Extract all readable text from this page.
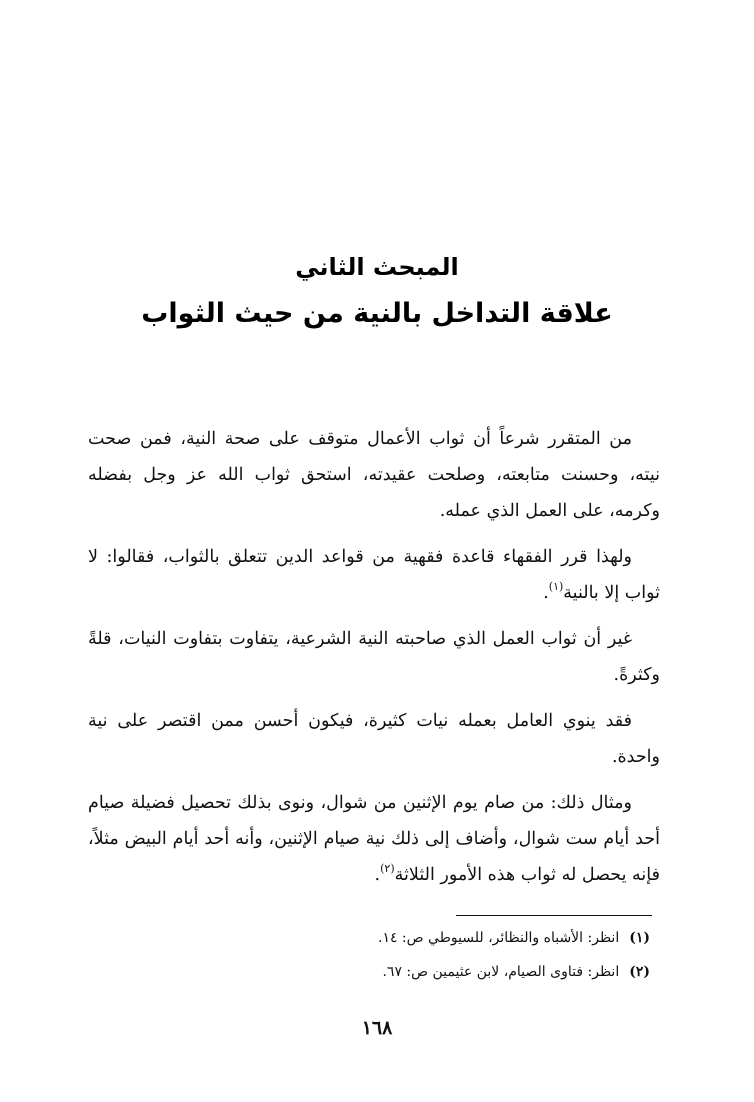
المبحث الثاني
علاقة التداخل بالنية من حيث الثواب

من المتقرر شرعاً أن ثواب الأعمال متوقف على صحة النية، فمن صحت نيته، وحسنت متابعته، وصلحت عقيدته، استحق ثواب الله عز وجل بفضله وكرمه، على العمل الذي عمله.

ولهذا قرر الفقهاء قاعدة فقهية من قواعد الدين تتعلق بالثواب، فقالوا: لا ثواب إلا بالنية$^{(١)}$.

غير أن ثواب العمل الذي صاحبته النية الشرعية، يتفاوت بتفاوت النيات، قلةً وكثرةً.

فقد ينوي العامل بعمله نيات كثيرة، فيكون أحسن ممن اقتصر على نية واحدة.

ومثال ذلك: من صام يوم الإثنين من شوال، ونوى بذلك تحصيل فضيلة صيام أحد أيام ست شوال، وأضاف إلى ذلك نية صيام الإثنين، وأنه أحد أيام البيض مثلاً، فإنه يحصل له ثواب هذه الأمور الثلاثة$^{(٢)}$.

(١)انظر: الأشباه والنظائر، للسيوطي ص: ١٤.
(٢)انظر: فتاوى الصيام، لابن عثيمين ص: ٦٧.
١٦٨
